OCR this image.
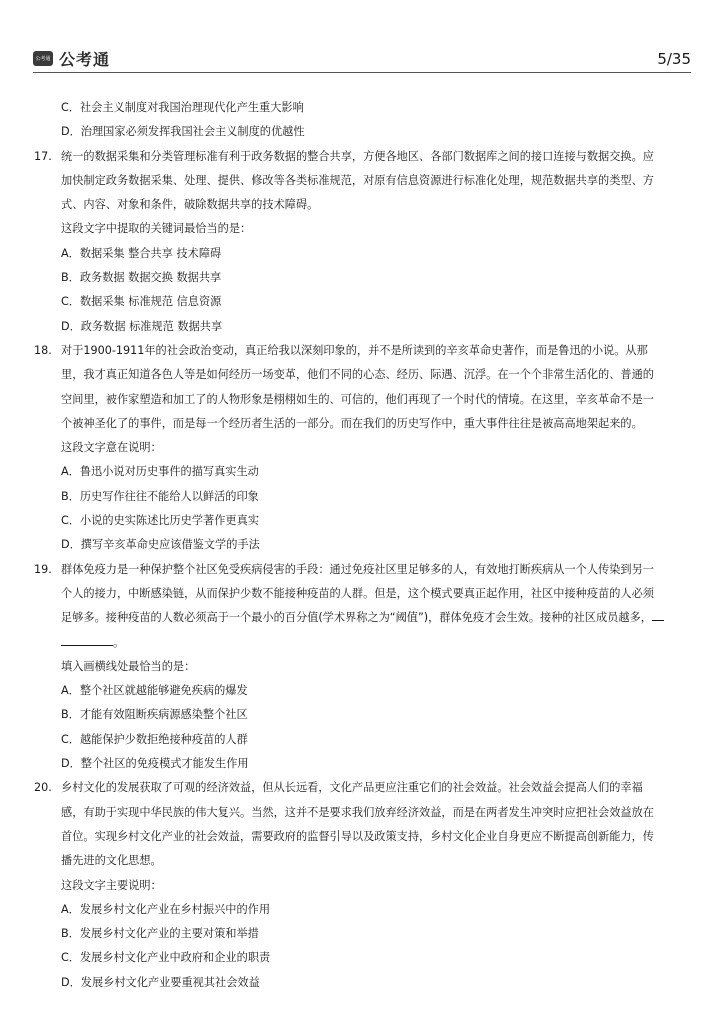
公考通 公考通	5/35
C．社会主义制度对我国治理现代化产生重大影响
D．治理国家必须发挥我国社会主义制度的优越性
17. 统一的数据采集和分类管理标准有利于政务数据的整合共享，方便各地区、各部门数据库之间的接口连接与数据交换。应
加快制定政务数据采集、处理、提供、修改等各类标准规范，对原有信息资源进行标准化处理，规范数据共享的类型、方
式、内容、对象和条件，破除数据共享的技术障碍。
这段文字中提取的关键词最恰当的是：
A．数据采集 整合共享 技术障碍
B．政务数据 数据交换 数据共享
C．数据采集 标准规范 信息资源
D．政务数据 标准规范 数据共享
18. 对于1900-1911年的社会政治变动，真正给我以深刻印象的，并不是所读到的辛亥革命史著作，而是鲁迅的小说。从那
里，我才真正知道各色人等是如何经历一场变革，他们不同的心态、经历、际遇、沉浮。在一个个非常生活化的、普通的
空间里，被作家塑造和加工了的人物形象是栩栩如生的、可信的，他们再现了一个时代的情境。在这里，辛亥革命不是一
个被神圣化了的事件，而是每一个经历者生活的一部分。而在我们的历史写作中，重大事件往往是被高高地架起来的。
这段文字意在说明：
A．鲁迅小说对历史事件的描写真实生动
B．历史写作往往不能给人以鲜活的印象
C．小说的史实陈述比历史学著作更真实
D．撰写辛亥革命史应该借鉴文学的手法
19. 群体免疫力是一种保护整个社区免受疾病侵害的手段：通过免疫社区里足够多的人，有效地打断疾病从一个人传染到另一
个人的接力，中断感染链，从而保护少数不能接种疫苗的人群。但是，这个模式要真正起作用，社区中接种疫苗的人必须
足够多。接种疫苗的人数必须高于一个最小的百分值(学术界称之为“阈值”)，群体免疫才会生效。接种的社区成员越多，
。
填入画横线处最恰当的是：
A．整个社区就越能够避免疾病的爆发
B．才能有效阻断疾病源感染整个社区
C．越能保护少数拒绝接种疫苗的人群
D．整个社区的免疫模式才能发生作用
20. 乡村文化的发展获取了可观的经济效益，但从长远看，文化产品更应注重它们的社会效益。社会效益会提高人们的幸福
感，有助于实现中华民族的伟大复兴。当然，这并不是要求我们放弃经济效益，而是在两者发生冲突时应把社会效益放在
首位。实现乡村文化产业的社会效益，需要政府的监督引导以及政策支持，乡村文化企业自身更应不断提高创新能力，传
播先进的文化思想。
这段文字主要说明：
A．发展乡村文化产业在乡村振兴中的作用
B．发展乡村文化产业的主要对策和举措
C．发展乡村文化产业中政府和企业的职责
D．发展乡村文化产业要重视其社会效益
